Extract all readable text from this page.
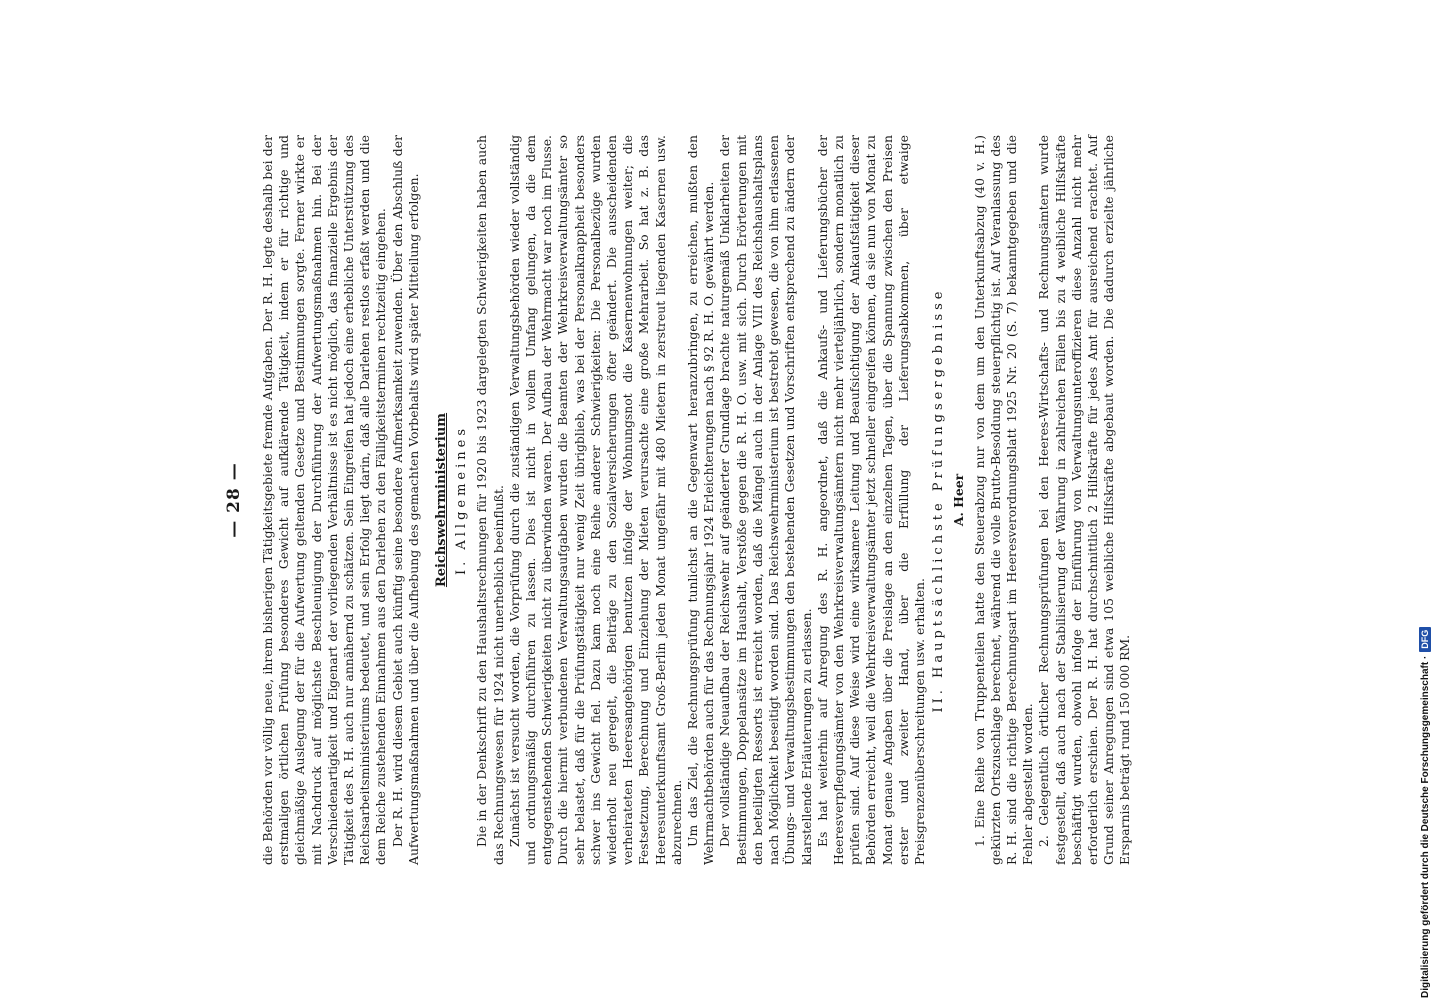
— 28 — die Behörden vor völlig neue, ihrem bisherigen Tätigkeitsgebiete fremde Aufgaben. Der R. H. legte deshalb bei der erstmaligen örtlichen Prüfung besonderes Gewicht auf aufklärende Tätigkeit, indem er für richtige und gleichmäßige Auslegung der für die Aufwertung geltenden Gesetze und Bestimmungen sorgte. Ferner wirkte er mit Nachdruck auf möglichste Beschleunigung der Durchführung der Aufwertungsmaßnahmen hin. Bei der Verschiedenartigkeit und Eigenart der vorliegenden Verhältnisse ist es nicht möglich, das finanzielle Ergebnis der Tätigkeit des R. H. auch nur annähernd zu schätzen. Sein Eingreifen hat jedoch eine erhebliche Unterstützung des Reichsarbeitsministeriums bedeutet, und sein Erfolg liegt darin, daß alle Darlehen restlos erfaßt werden und die dem Reiche zustehenden Einnahmen aus den Darlehen zu den Fälligkeitsterminen rechtzeitig eingehen. Der R. H. wird diesem Gebiet auch künftig seine besondere Aufmerksamkeit zuwenden. Über den Abschluß der Aufwertungsmaßnahmen und über die Aufhebung des gemachten Vorbehalts wird später Mitteilung erfolgen. Reichswehrministerium I. Allgemeines Die in der Denkschrift zu den Haushaltsrechnungen für 1920 bis 1923 dargelegten Schwierigkeiten haben auch das Rechnungswesen für 1924 nicht unerheblich beeinflußt. Zunächst ist versucht worden, die Vorprüfung durch die zuständigen Verwaltungsbehörden wieder vollständig und ordnungsmäßig durchführen zu lassen. Dies ist nicht in vollem Umfang gelungen, da die dem entgegenstehenden Schwierigkeiten nicht zu überwinden waren. Der Aufbau der Wehrmacht war noch im Flusse. Durch die hiermit verbundenen Verwaltungsaufgaben wurden die Beamten der Wehrkreisverwaltungsämter so sehr belastet, daß für die Prüfungstätigkeit nur wenig Zeit übrigblieb, was bei der Personalknappheit besonders schwer ins Gewicht fiel. Dazu kam noch eine Reihe anderer Schwierigkeiten: Die Personalbezüge wurden wiederholt neu geregelt, die Beiträge zu den Sozialversicherungen öfter geändert. Die ausscheidenden verheirateten Heeresangehörigen benutzen infolge der Wohnungsnot die Kasernenwohnungen weiter; die Festsetzung, Berechnung und Einziehung der Mieten verursachte eine große Mehrarbeit. So hat z. B. das Heeresunterkunftsamt Groß-Berlin jeden Monat ungefähr mit 480 Mietern in zerstreut liegenden Kasernen usw. abzurechnen. Um das Ziel, die Rechnungsprüfung tunlichst an die Gegenwart heranzubringen, zu erreichen, mußten den Wehrmachtbehörden auch für das Rechnungsjahr 1924 Erleichterungen nach § 92 R. H. O. gewährt werden. Der vollständige Neuaufbau der Reichswehr auf geänderter Grundlage brachte naturgemäß Unklarheiten der Bestimmungen, Doppelansätze im Haushalt, Verstöße gegen die R. H. O. usw. mit sich. Durch Erörterungen mit den beteiligten Ressorts ist erreicht worden, daß die Mängel auch in der Anlage VIII des Reichshaushaltsplans nach Möglichkeit beseitigt worden sind. Das Reichswehrministerium ist bestrebt gewesen, die von ihm erlassenen Übungs- und Verwaltungsbestimmungen den bestehenden Gesetzen und Vorschriften entsprechend zu ändern oder klarstellende Erläuterungen zu erlassen. Es hat weiterhin auf Anregung des R. H. angeordnet, daß die Ankaufs- und Lieferungsbücher der Heeresverpflegungsämter von den Wehrkreisverwaltungsämtern nicht mehr vierteljährlich, sondern monatlich zu prüfen sind. Auf diese Weise wird eine wirksamere Leitung und Beaufsichtigung der Ankaufstätigkeit dieser Behörden erreicht, weil die Wehrkreisverwaltungsämter jetzt schneller eingreifen können, da sie nun von Monat zu Monat genaue Angaben über die Preislage an den einzelnen Tagen, über die Spannung zwischen den Preisen erster und zweiter Hand, über die Erfüllung der Lieferungsabkommen, über etwaige Preisgrenzenüberschreitungen usw. erhalten.

II. Hauptsächlichste Prüfungsergebnisse A. Heer 1. Eine Reihe von Truppenteilen hatte den Steuerabzug nur von dem um den Unterkunftsabzug (40 v. H.) gekürzten Ortszuschlage berechnet, während die volle Brutto-Besoldung steuerpflichtig ist. Auf Veranlassung des R. H. sind die richtige Berechnungsart im Heeresverordnungsblatt 1925 Nr. 20 (S. 7) bekanntgegeben und die Fehler abgestellt worden. 2. Gelegentlich örtlicher Rechnungsprüfungen bei den Heeres-Wirtschafts- und Rechnungsämtern wurde festgestellt, daß auch nach der Stabilisierung der Währung in zahlreichen Fällen bis zu 4 weibliche Hilfskräfte beschäftigt wurden, obwohl infolge der Einführung von Verwaltungsunteroffizieren diese Anzahl nicht mehr erforderlich erschien. Der R. H. hat durchschnittlich 2 Hilfskräfte für jedes Amt für ausreichend erachtet. Auf Grund seiner Anregungen sind etwa 105 weibliche Hilfskräfte abgebaut worden. Die dadurch erzielte jährliche Ersparnis beträgt rund 150 000 RM.	Digitalisierung gefördert durch die Deutsche Forschungsgemeinschaft ·
DFG
